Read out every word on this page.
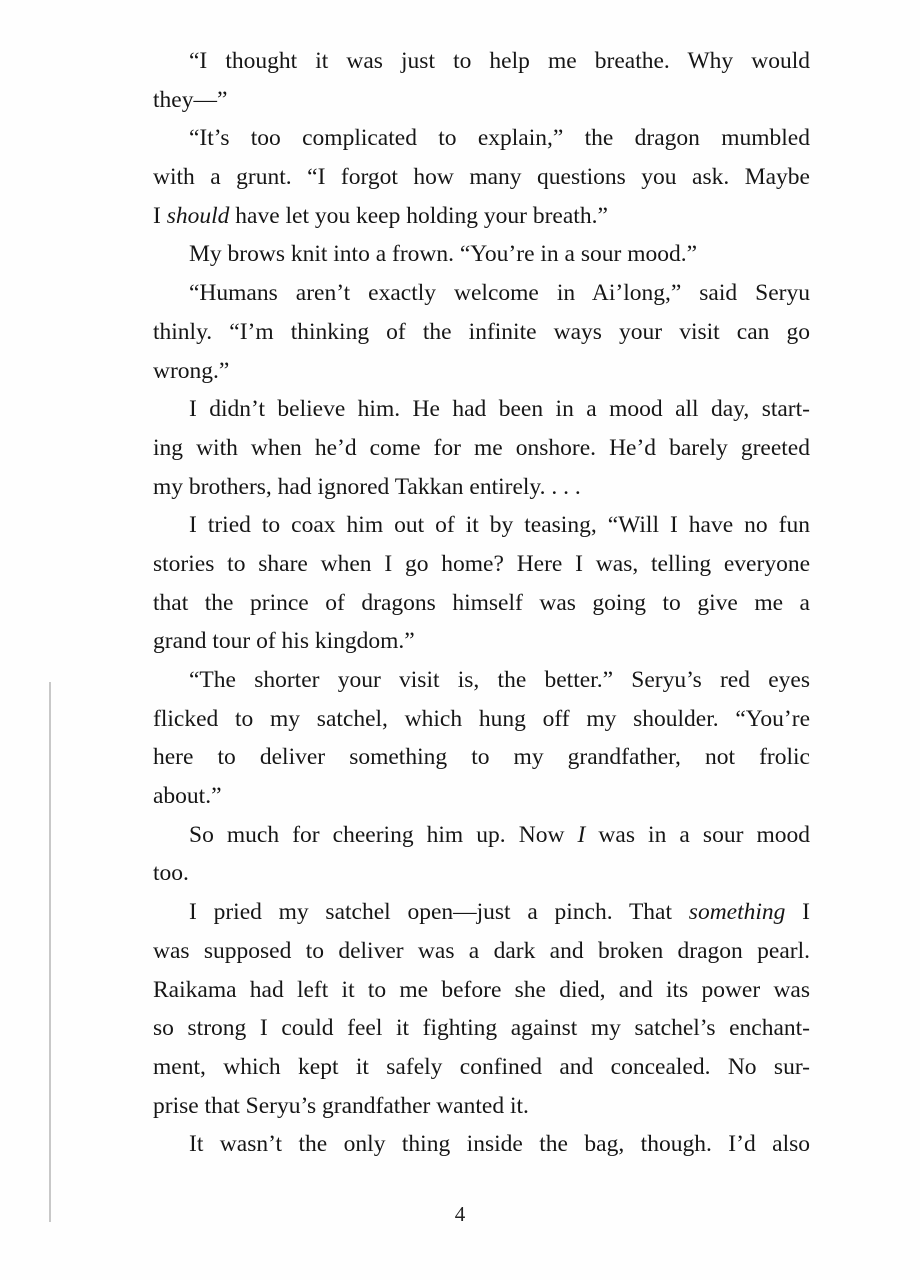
“I thought it was just to help me breathe. Why would
they—”
“It’s too complicated to explain,” the dragon mumbled
with a grunt. “I forgot how many questions you ask. Maybe
I should have let you keep holding your breath.”
My brows knit into a frown. “You’re in a sour mood.”
“Humans aren’t exactly welcome in Ai’long,” said Seryu
thinly. “I’m thinking of the infinite ways your visit can go
wrong.”
I didn’t believe him. He had been in a mood all day, start-
ing with when he’d come for me onshore. He’d barely greeted
my brothers, had ignored Takkan entirely. . . .
I tried to coax him out of it by teasing, “Will I have no fun
stories to share when I go home? Here I was, telling everyone
that the prince of dragons himself was going to give me a
grand tour of his kingdom.”
“The shorter your visit is, the better.” Seryu’s red eyes
flicked to my satchel, which hung off my shoulder. “You’re
here to deliver something to my grandfather, not frolic
about.”
So much for cheering him up. Now I was in a sour mood
too.
I pried my satchel open—just a pinch. That something I
was supposed to deliver was a dark and broken dragon pearl.
Raikama had left it to me before she died, and its power was
so strong I could feel it fighting against my satchel’s enchant-
ment, which kept it safely confined and concealed. No sur-
prise that Seryu’s grandfather wanted it.
It wasn’t the only thing inside the bag, though. I’d also
4
